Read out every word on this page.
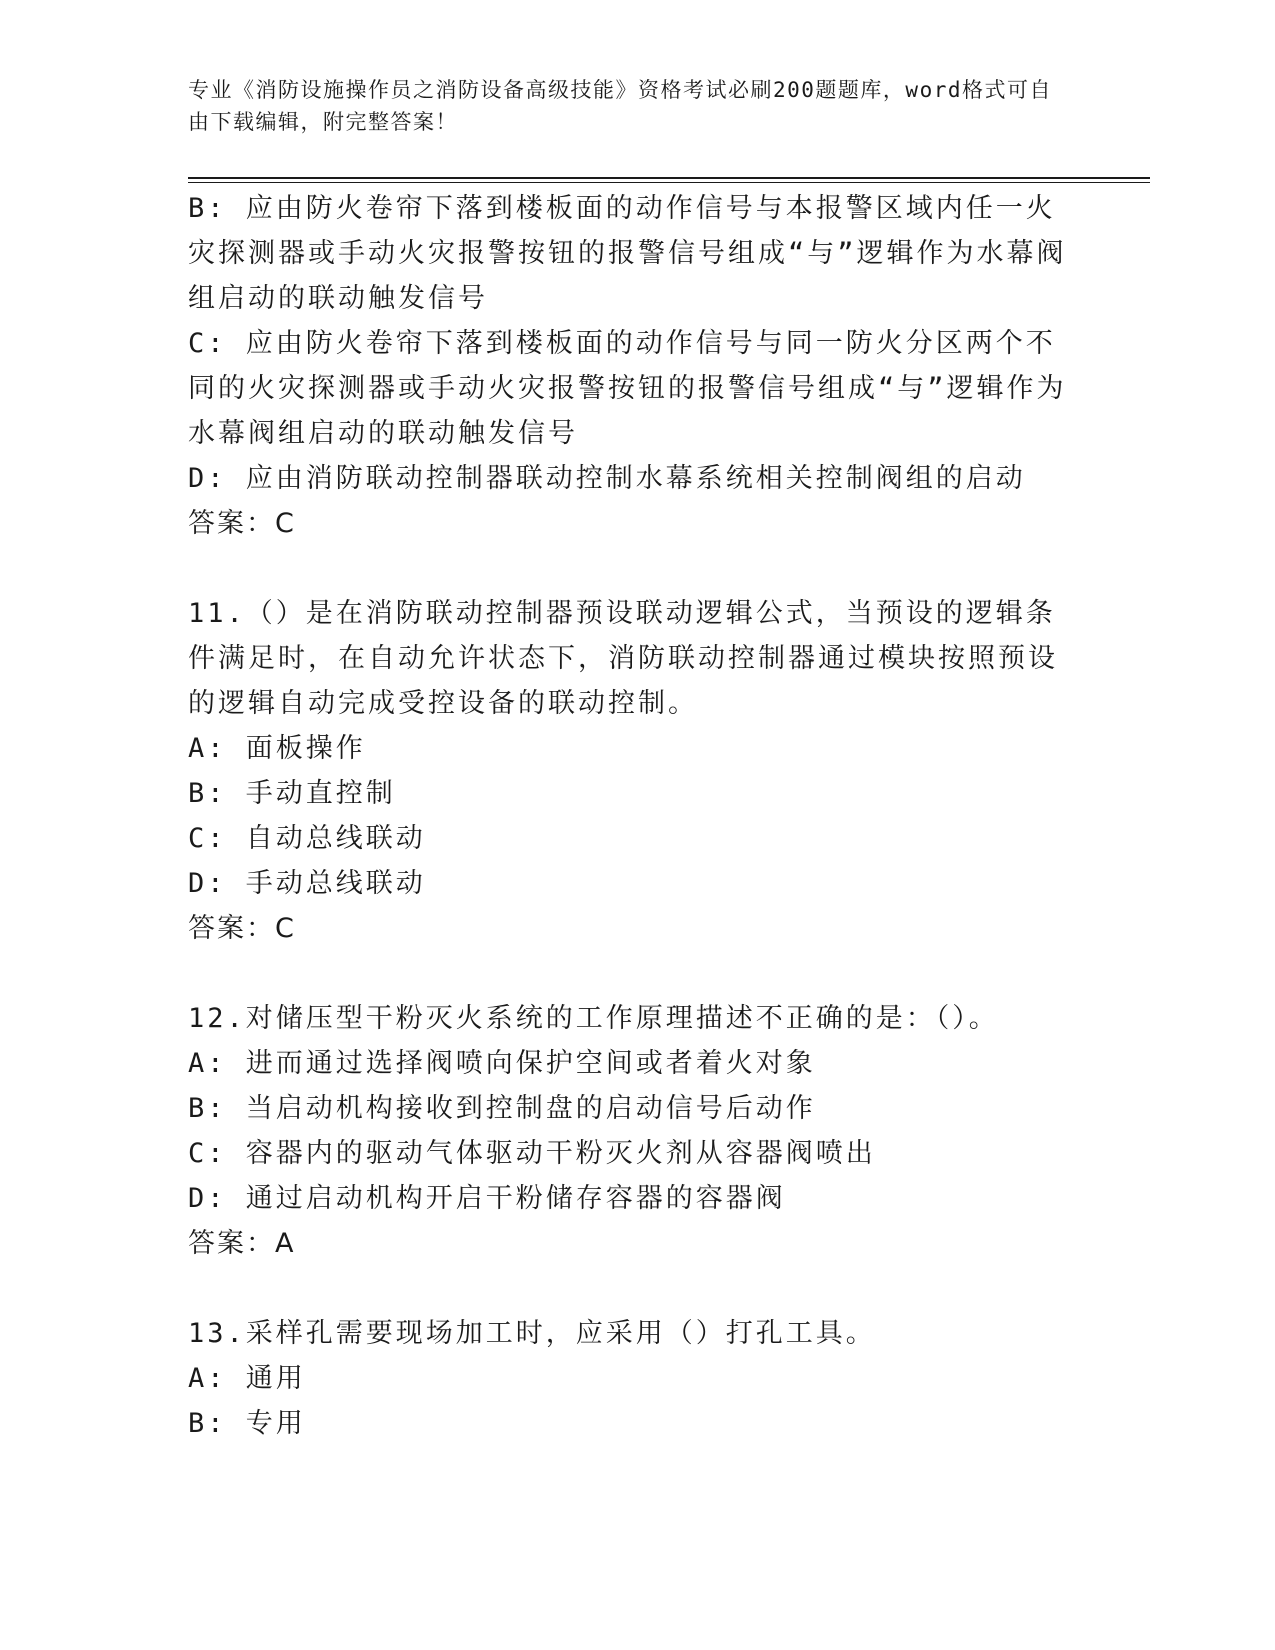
专业《消防设施操作员之消防设备高级技能》资格考试必刷200题题库，word格式可自由下载编辑，附完整答案！

B: 应由防火卷帘下落到楼板面的动作信号与本报警区域内任一火灾探测器或手动火灾报警按钮的报警信号组成“与”逻辑作为水幕阀组启动的联动触发信号

C: 应由防火卷帘下落到楼板面的动作信号与同一防火分区两个不同的火灾探测器或手动火灾报警按钮的报警信号组成“与”逻辑作为水幕阀组启动的联动触发信号

D: 应由消防联动控制器联动控制水幕系统相关控制阀组的启动

答案：C

11.（）是在消防联动控制器预设联动逻辑公式，当预设的逻辑条件满足时，在自动允许状态下，消防联动控制器通过模块按照预设的逻辑自动完成受控设备的联动控制。

A: 面板操作

B: 手动直控制

C: 自动总线联动

D: 手动总线联动

答案：C

12.对储压型干粉灭火系统的工作原理描述不正确的是：（）。

A: 进而通过选择阀喷向保护空间或者着火对象

B: 当启动机构接收到控制盘的启动信号后动作

C: 容器内的驱动气体驱动干粉灭火剂从容器阀喷出

D: 通过启动机构开启干粉储存容器的容器阀

答案：A

13.采样孔需要现场加工时，应采用（）打孔工具。

A: 通用

B: 专用
